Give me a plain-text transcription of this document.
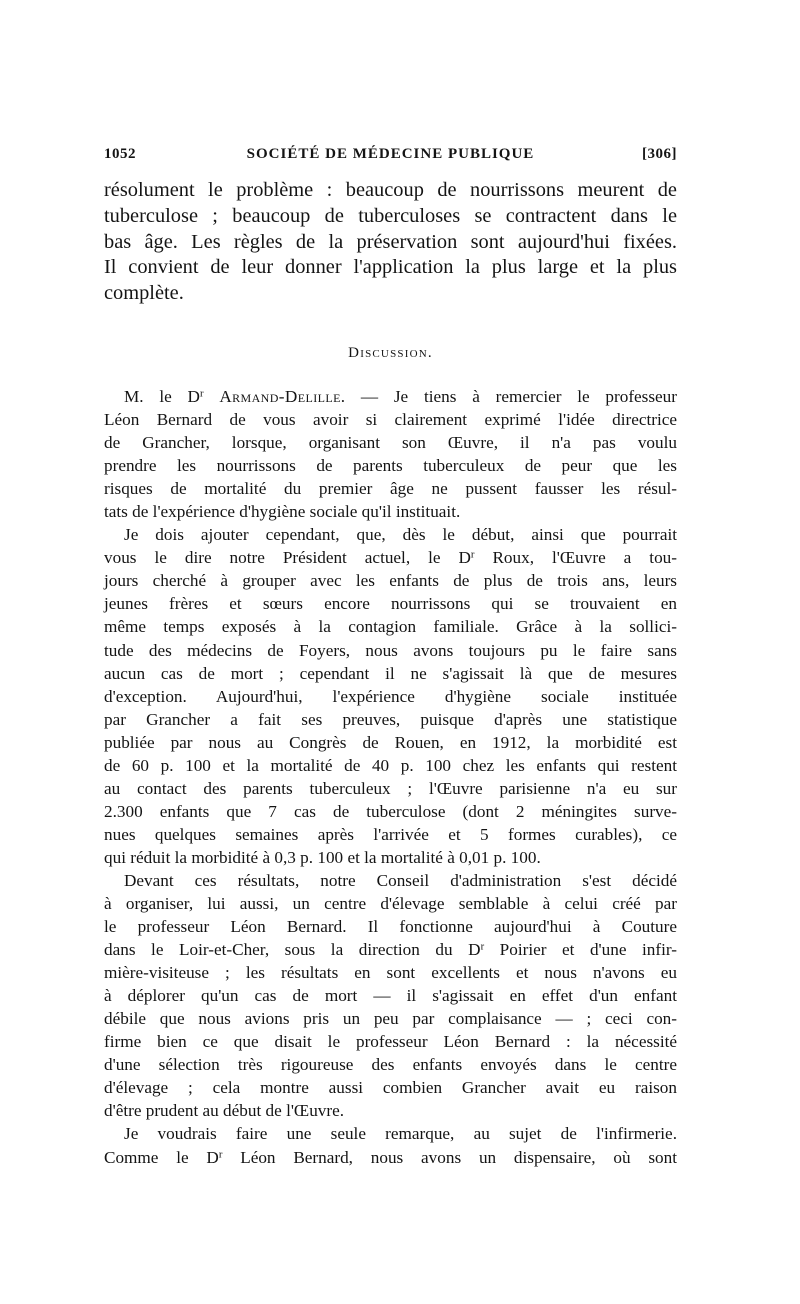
1052	SOCIÉTÉ DE MÉDECINE PUBLIQUE	[306]
résolument le problème : beaucoup de nourrissons meurent de
tuberculose ; beaucoup de tuberculoses se contractent dans le
bas âge. Les règles de la préservation sont aujourd'hui fixées.
Il convient de leur donner l'application la plus large et la plus
complète.
Discussion.
M. le $D^r$ Armand-Delille. — Je tiens à remercier le professeur
Léon Bernard de vous avoir si clairement exprimé l'idée directrice
de Grancher, lorsque, organisant son Œuvre, il n'a pas voulu
prendre les nourrissons de parents tuberculeux de peur que les
risques de mortalité du premier âge ne pussent fausser les résul-
tats de l'expérience d'hygiène sociale qu'il instituait.
Je dois ajouter cependant, que, dès le début, ainsi que pourrait
vous le dire notre Président actuel, le $D^r$ Roux, l'Œuvre a tou-
jours cherché à grouper avec les enfants de plus de trois ans, leurs
jeunes frères et sœurs encore nourrissons qui se trouvaient en
même temps exposés à la contagion familiale. Grâce à la sollici-
tude des médecins de Foyers, nous avons toujours pu le faire sans
aucun cas de mort ; cependant il ne s'agissait là que de mesures
d'exception. Aujourd'hui, l'expérience d'hygiène sociale instituée
par Grancher a fait ses preuves, puisque d'après une statistique
publiée par nous au Congrès de Rouen, en 1912, la morbidité est
de 60 p. 100 et la mortalité de 40 p. 100 chez les enfants qui restent
au contact des parents tuberculeux ; l'Œuvre parisienne n'a eu sur
2.300 enfants que 7 cas de tuberculose (dont 2 méningites surve-
nues quelques semaines après l'arrivée et 5 formes curables), ce
qui réduit la morbidité à 0,3 p. 100 et la mortalité à 0,01 p. 100.
Devant ces résultats, notre Conseil d'administration s'est décidé
à organiser, lui aussi, un centre d'élevage semblable à celui créé par
le professeur Léon Bernard. Il fonctionne aujourd'hui à Couture
dans le Loir-et-Cher, sous la direction du $D^r$ Poirier et d'une infir-
mière-visiteuse ; les résultats en sont excellents et nous n'avons eu
à déplorer qu'un cas de mort — il s'agissait en effet d'un enfant
débile que nous avions pris un peu par complaisance — ; ceci con-
firme bien ce que disait le professeur Léon Bernard : la nécessité
d'une sélection très rigoureuse des enfants envoyés dans le centre
d'élevage ; cela montre aussi combien Grancher avait eu raison
d'être prudent au début de l'Œuvre.
Je voudrais faire une seule remarque, au sujet de l'infirmerie.
Comme le $D^r$ Léon Bernard, nous avons un dispensaire, où sont
